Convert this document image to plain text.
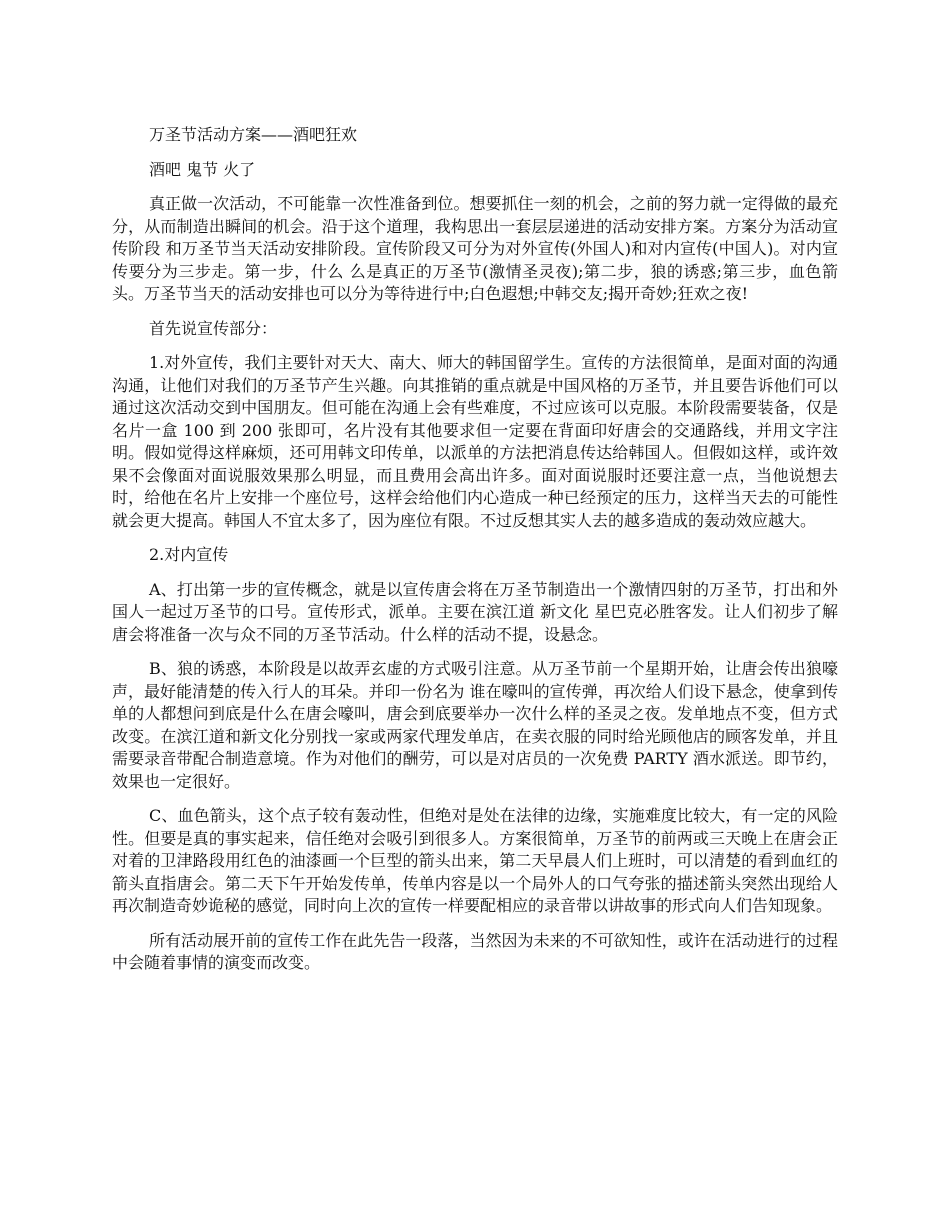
万圣节活动方案——酒吧狂欢

酒吧 鬼节 火了

真正做一次活动，不可能靠一次性准备到位。想要抓住一刻的机会，之前的努力就一定得做的最充分，从而制造出瞬间的机会。沿于这个道理，我构思出一套层层递进的活动安排方案。方案分为活动宣传阶段 和万圣节当天活动安排阶段。宣传阶段又可分为对外宣传(外国人)和对内宣传(中国人)。对内宣传要分为三步走。第一步，什么 么是真正的万圣节(激情圣灵夜);第二步，狼的诱惑;第三步，血色箭头。万圣节当天的活动安排也可以分为等待进行中;白色遐想;中韩交友;揭开奇妙;狂欢之夜!

首先说宣传部分：

1.对外宣传，我们主要针对天大、南大、师大的韩国留学生。宣传的方法很简单，是面对面的沟通沟通，让他们对我们的万圣节产生兴趣。向其推销的重点就是中国风格的万圣节，并且要告诉他们可以通过这次活动交到中国朋友。但可能在沟通上会有些难度，不过应该可以克服。本阶段需要装备，仅是名片一盒 100 到 200 张即可，名片没有其他要求但一定要在背面印好唐会的交通路线，并用文字注明。假如觉得这样麻烦，还可用韩文印传单，以派单的方法把消息传达给韩国人。但假如这样，或许效果不会像面对面说服效果那么明显，而且费用会高出许多。面对面说服时还要注意一点，当他说想去时，给他在名片上安排一个座位号，这样会给他们内心造成一种已经预定的压力，这样当天去的可能性就会更大提高。韩国人不宜太多了，因为座位有限。不过反想其实人去的越多造成的轰动效应越大。

2.对内宣传

A、打出第一步的宣传概念，就是以宣传唐会将在万圣节制造出一个激情四射的万圣节，打出和外国人一起过万圣节的口号。宣传形式，派单。主要在滨江道 新文化 星巴克必胜客发。让人们初步了解唐会将准备一次与众不同的万圣节活动。什么样的活动不提，设悬念。

B、狼的诱惑，本阶段是以故弄玄虚的方式吸引注意。从万圣节前一个星期开始，让唐会传出狼嚎声，最好能清楚的传入行人的耳朵。并印一份名为 谁在嚎叫的宣传弹，再次给人们设下悬念，使拿到传单的人都想问到底是什么在唐会嚎叫，唐会到底要举办一次什么样的圣灵之夜。发单地点不变，但方式改变。在滨江道和新文化分别找一家或两家代理发单店，在卖衣服的同时给光顾他店的顾客发单，并且需要录音带配合制造意境。作为对他们的酬劳，可以是对店员的一次免费 PARTY 酒水派送。即节约，效果也一定很好。

C、血色箭头，这个点子较有轰动性，但绝对是处在法律的边缘，实施难度比较大，有一定的风险性。但要是真的事实起来，信任绝对会吸引到很多人。方案很简单，万圣节的前两或三天晚上在唐会正对着的卫津路段用红色的油漆画一个巨型的箭头出来，第二天早晨人们上班时，可以清楚的看到血红的箭头直指唐会。第二天下午开始发传单，传单内容是以一个局外人的口气夸张的描述箭头突然出现给人再次制造奇妙诡秘的感觉，同时向上次的宣传一样要配相应的录音带以讲故事的形式向人们告知现象。

所有活动展开前的宣传工作在此先告一段落，当然因为未来的不可欲知性，或许在活动进行的过程中会随着事情的演变而改变。
